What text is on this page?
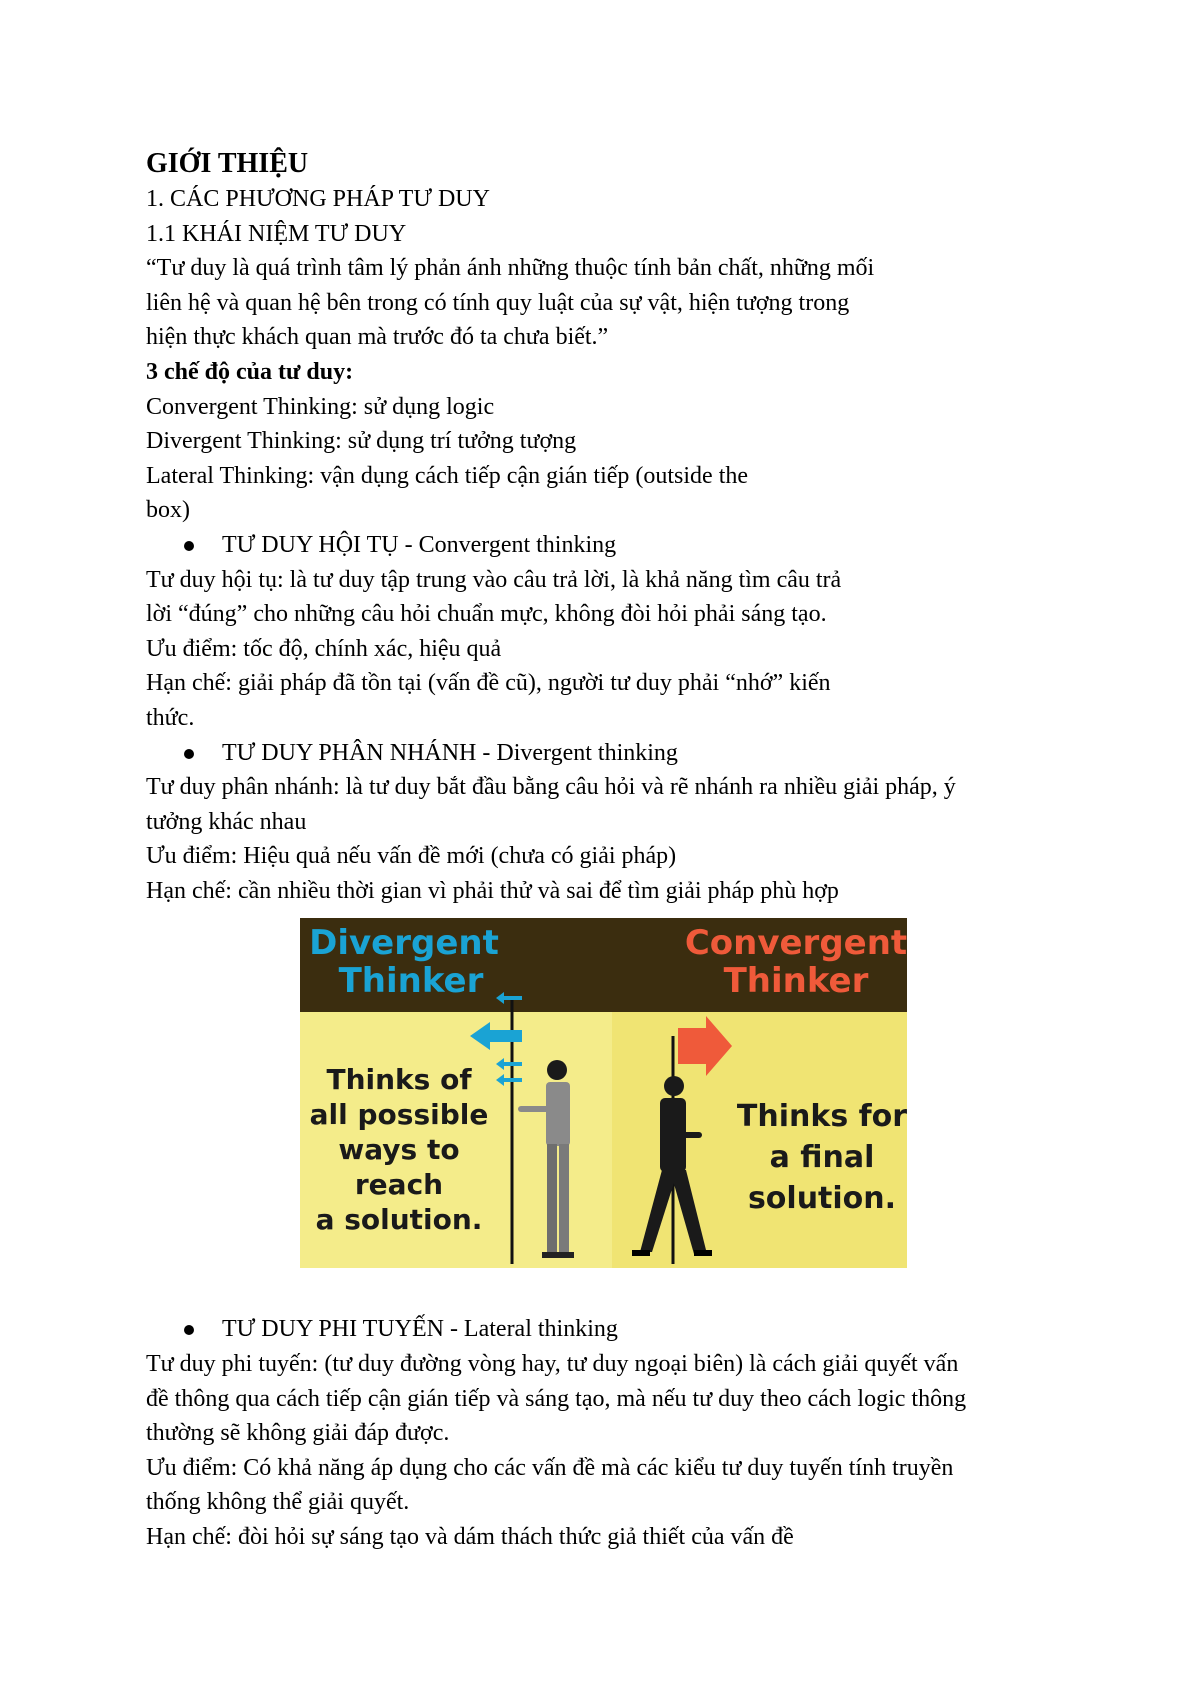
GIỚI THIỆU
1. CÁC PHƯƠNG PHÁP TƯ DUY
1.1 KHÁI NIỆM TƯ DUY
“Tư duy là quá trình tâm lý phản ánh những thuộc tính bản chất, những mối
liên hệ và quan hệ bên trong có tính quy luật của sự vật, hiện tượng trong
hiện thực khách quan mà trước đó ta chưa biết.”
3 chế độ của tư duy:
Convergent Thinking: sử dụng logic
Divergent Thinking: sử dụng trí tưởng tượng
Lateral Thinking: vận dụng cách tiếp cận gián tiếp (outside the
box)
TƯ DUY HỘI TỤ - Convergent thinking
Tư duy hội tụ: là tư duy tập trung vào câu trả lời, là khả năng tìm câu trả
lời “đúng” cho những câu hỏi chuẩn mực, không đòi hỏi phải sáng tạo.
Ưu điểm: tốc độ, chính xác, hiệu quả
Hạn chế: giải pháp đã tồn tại (vấn đề cũ), người tư duy phải “nhớ” kiến
thức.
TƯ DUY PHÂN NHÁNH - Divergent thinking
Tư duy phân nhánh: là tư duy bắt đầu bằng câu hỏi và rẽ nhánh ra nhiều giải pháp, ý
tưởng khác nhau
Ưu điểm: Hiệu quả nếu vấn đề mới (chưa có giải pháp)
Hạn chế: cần nhiều thời gian vì phải thử và sai để tìm giải pháp phù hợp
Divergent
Thinker
Convergent
Thinker
Thinks of
all possible
ways to
reach
a solution.
Thinks for
a final
solution.
TƯ DUY PHI TUYẾN - Lateral thinking
Tư duy phi tuyến: (tư duy đường vòng hay, tư duy ngoại biên) là cách giải quyết vấn
đề thông qua cách tiếp cận gián tiếp và sáng tạo, mà nếu tư duy theo cách logic thông
thường sẽ không giải đáp được.
Ưu điểm: Có khả năng áp dụng cho các vấn đề mà các kiểu tư duy tuyến tính truyền
thống không thể giải quyết.
Hạn chế: đòi hỏi sự sáng tạo và dám thách thức giả thiết của vấn đề
